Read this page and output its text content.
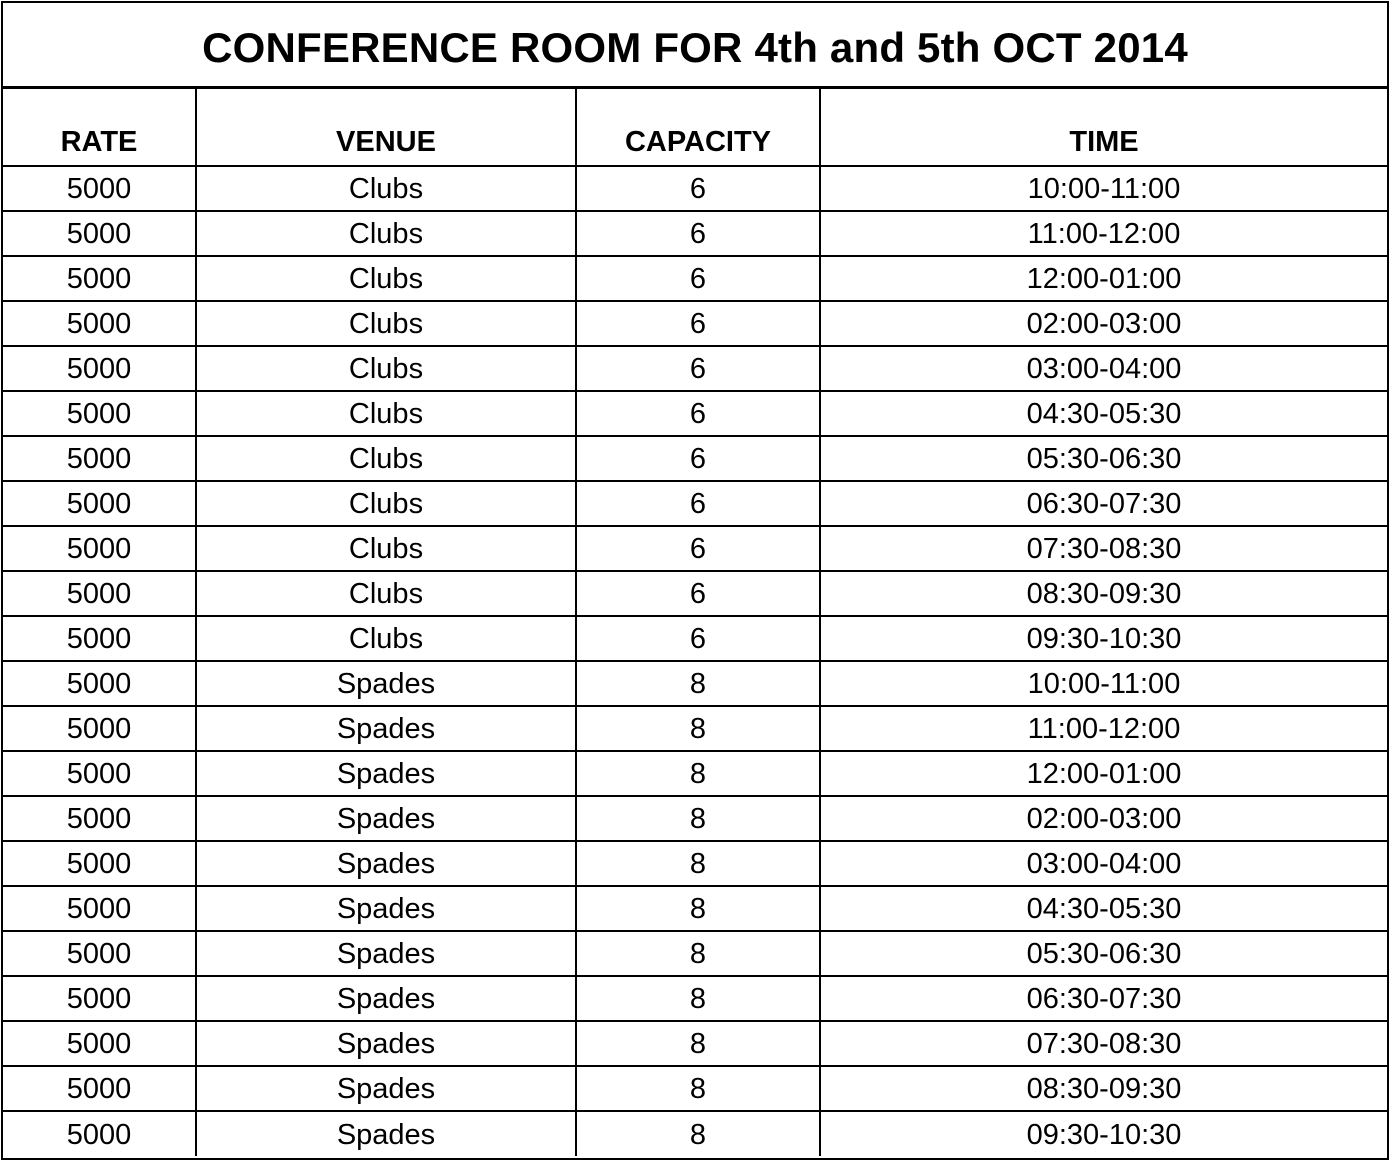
CONFERENCE ROOM FOR 4th and 5th OCT 2014
RATE	VENUE	CAPACITY	TIME
5000	Clubs	6	10:00-11:00
5000	Clubs	6	11:00-12:00
5000	Clubs	6	12:00-01:00
5000	Clubs	6	02:00-03:00
5000	Clubs	6	03:00-04:00
5000	Clubs	6	04:30-05:30
5000	Clubs	6	05:30-06:30
5000	Clubs	6	06:30-07:30
5000	Clubs	6	07:30-08:30
5000	Clubs	6	08:30-09:30
5000	Clubs	6	09:30-10:30
5000	Spades	8	10:00-11:00
5000	Spades	8	11:00-12:00
5000	Spades	8	12:00-01:00
5000	Spades	8	02:00-03:00
5000	Spades	8	03:00-04:00
5000	Spades	8	04:30-05:30
5000	Spades	8	05:30-06:30
5000	Spades	8	06:30-07:30
5000	Spades	8	07:30-08:30
5000	Spades	8	08:30-09:30
5000	Spades	8	09:30-10:30
